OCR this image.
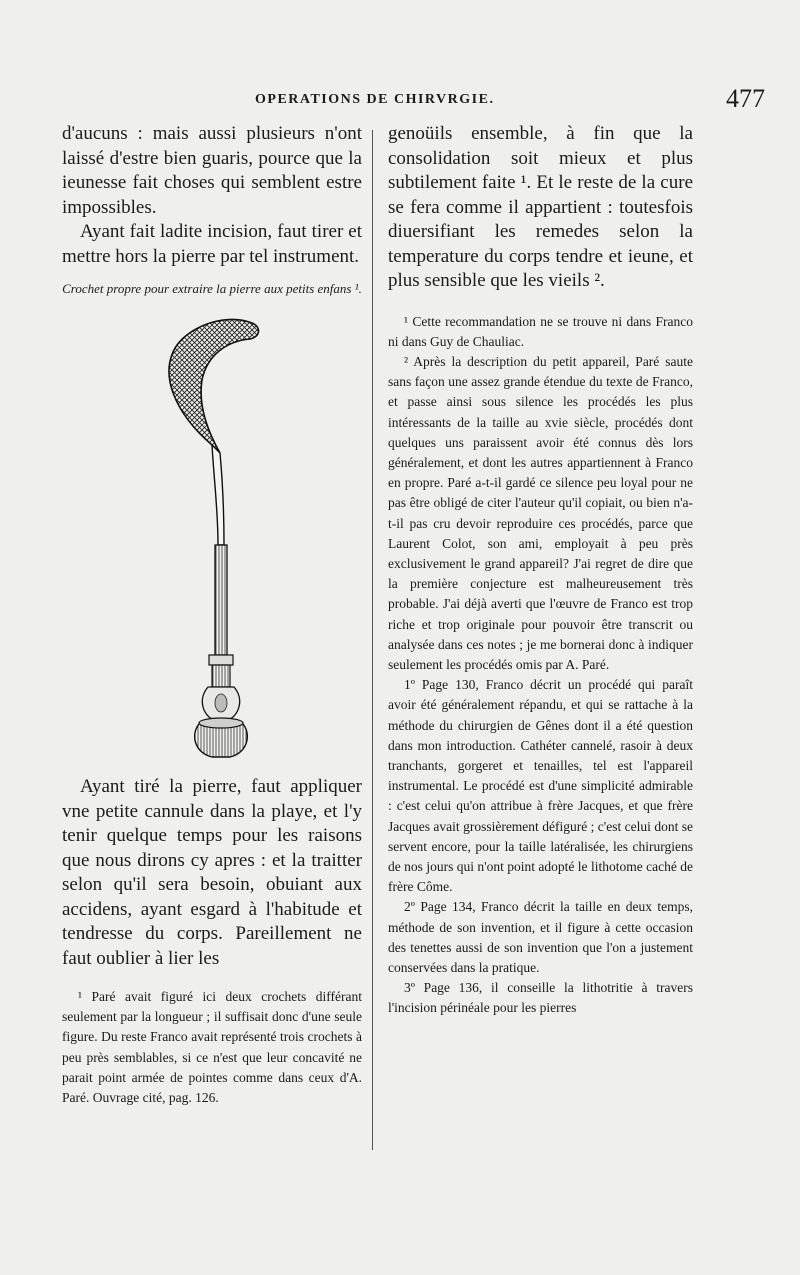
OPERATIONS DE CHIRVRGIE.	477

d'aucuns : mais aussi plusieurs n'ont laissé d'estre bien guaris, pource que la ieunesse fait choses qui semblent estre impossibles.

Ayant fait ladite incision, faut tirer et mettre hors la pierre par tel instrument.

Crochet propre pour extraire la pierre aux petits enfans ¹.

Ayant tiré la pierre, faut appliquer vne petite cannule dans la playe, et l'y tenir quelque temps pour les raisons que nous dirons cy apres : et la traitter selon qu'il sera besoin, obuiant aux accidens, ayant esgard à l'habitude et tendresse du corps. Pareillement ne faut oublier à lier les

¹ Paré avait figuré ici deux crochets différant seulement par la longueur ; il suffisait donc d'une seule figure. Du reste Franco avait représenté trois crochets à peu près semblables, si ce n'est que leur concavité ne parait point armée de pointes comme dans ceux d'A. Paré. Ouvrage cité, pag. 126.

genoüils ensemble, à fin que la consolidation soit mieux et plus subtilement faite ¹. Et le reste de la cure se fera comme il appartient : toutesfois diuersifiant les remedes selon la temperature du corps tendre et ieune, et plus sensible que les vieils ².

¹ Cette recommandation ne se trouve ni dans Franco ni dans Guy de Chauliac.

² Après la description du petit appareil, Paré saute sans façon une assez grande étendue du texte de Franco, et passe ainsi sous silence les procédés les plus intéressants de la taille au xvie siècle, procédés dont quelques uns paraissent avoir été connus dès lors généralement, et dont les autres appartiennent à Franco en propre. Paré a-t-il gardé ce silence peu loyal pour ne pas être obligé de citer l'auteur qu'il copiait, ou bien n'a-t-il pas cru devoir reproduire ces procédés, parce que Laurent Colot, son ami, employait à peu près exclusivement le grand appareil? J'ai regret de dire que la première conjecture est malheureusement très probable. J'ai déjà averti que l'œuvre de Franco est trop riche et trop originale pour pouvoir être transcrit ou analysée dans ces notes ; je me bornerai donc à indiquer seulement les procédés omis par A. Paré.

1º Page 130, Franco décrit un procédé qui paraît avoir été généralement répandu, et qui se rattache à la méthode du chirurgien de Gênes dont il a été question dans mon introduction. Cathéter cannelé, rasoir à deux tranchants, gorgeret et tenailles, tel est l'appareil instrumental. Le procédé est d'une simplicité admirable : c'est celui qu'on attribue à frère Jacques, et que frère Jacques avait grossièrement défiguré ; c'est celui dont se servent encore, pour la taille latéralisée, les chirurgiens de nos jours qui n'ont point adopté le lithotome caché de frère Côme.

2º Page 134, Franco décrit la taille en deux temps, méthode de son invention, et il figure à cette occasion des tenettes aussi de son invention que l'on a justement conservées dans la pratique.

3º Page 136, il conseille la lithotritie à travers l'incision périnéale pour les pierres
